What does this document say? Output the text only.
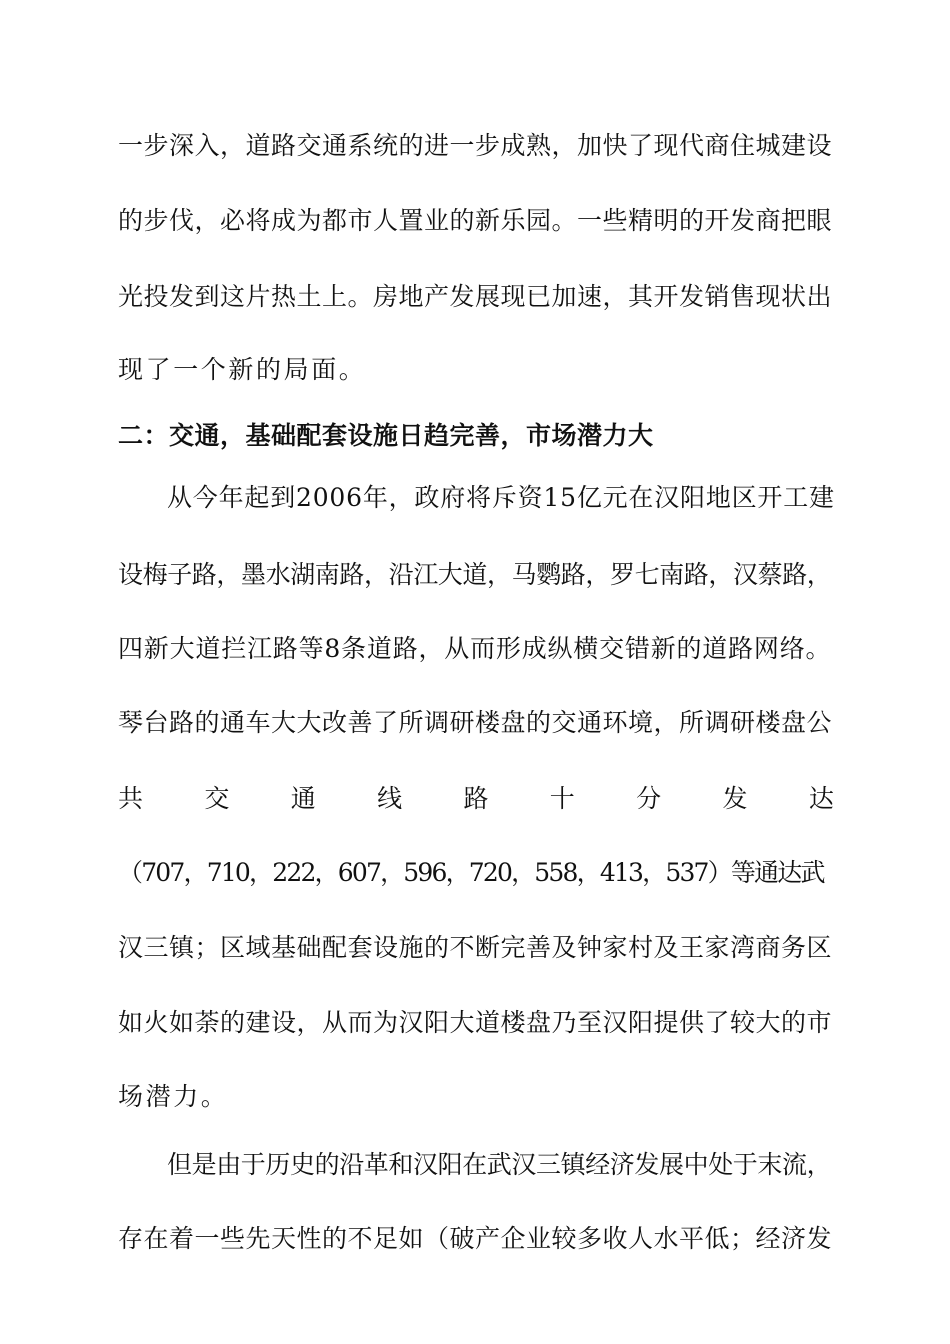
一步深入，道路交通系统的进一步成熟，加快了现代商住城建设
的步伐，必将成为都市人置业的新乐园。一些精明的开发商把眼
光投发到这片热土上。房地产发展现已加速，其开发销售现状出
现了一个新的局面。
二：交通，基础配套设施日趋完善，市场潜力大
从今年起到2006年，政府将斥资15亿元在汉阳地区开工建
设梅子路，墨水湖南路，沿江大道，马鹦路，罗七南路，汉蔡路，
四新大道拦江路等8条道路，从而形成纵横交错新的道路网络。
琴台路的通车大大改善了所调研楼盘的交通环境，所调研楼盘公
共 交 通 线 路 十 分 发 达
（707，710，222，607，596，720，558，413，537）等通达武
汉三镇；区域基础配套设施的不断完善及钟家村及王家湾商务区
如火如荼的建设，从而为汉阳大道楼盘乃至汉阳提供了较大的市
场潜力。
但是由于历史的沿革和汉阳在武汉三镇经济发展中处于末流，
存在着一些先天性的不足如（破产企业较多收人水平低；经济发
